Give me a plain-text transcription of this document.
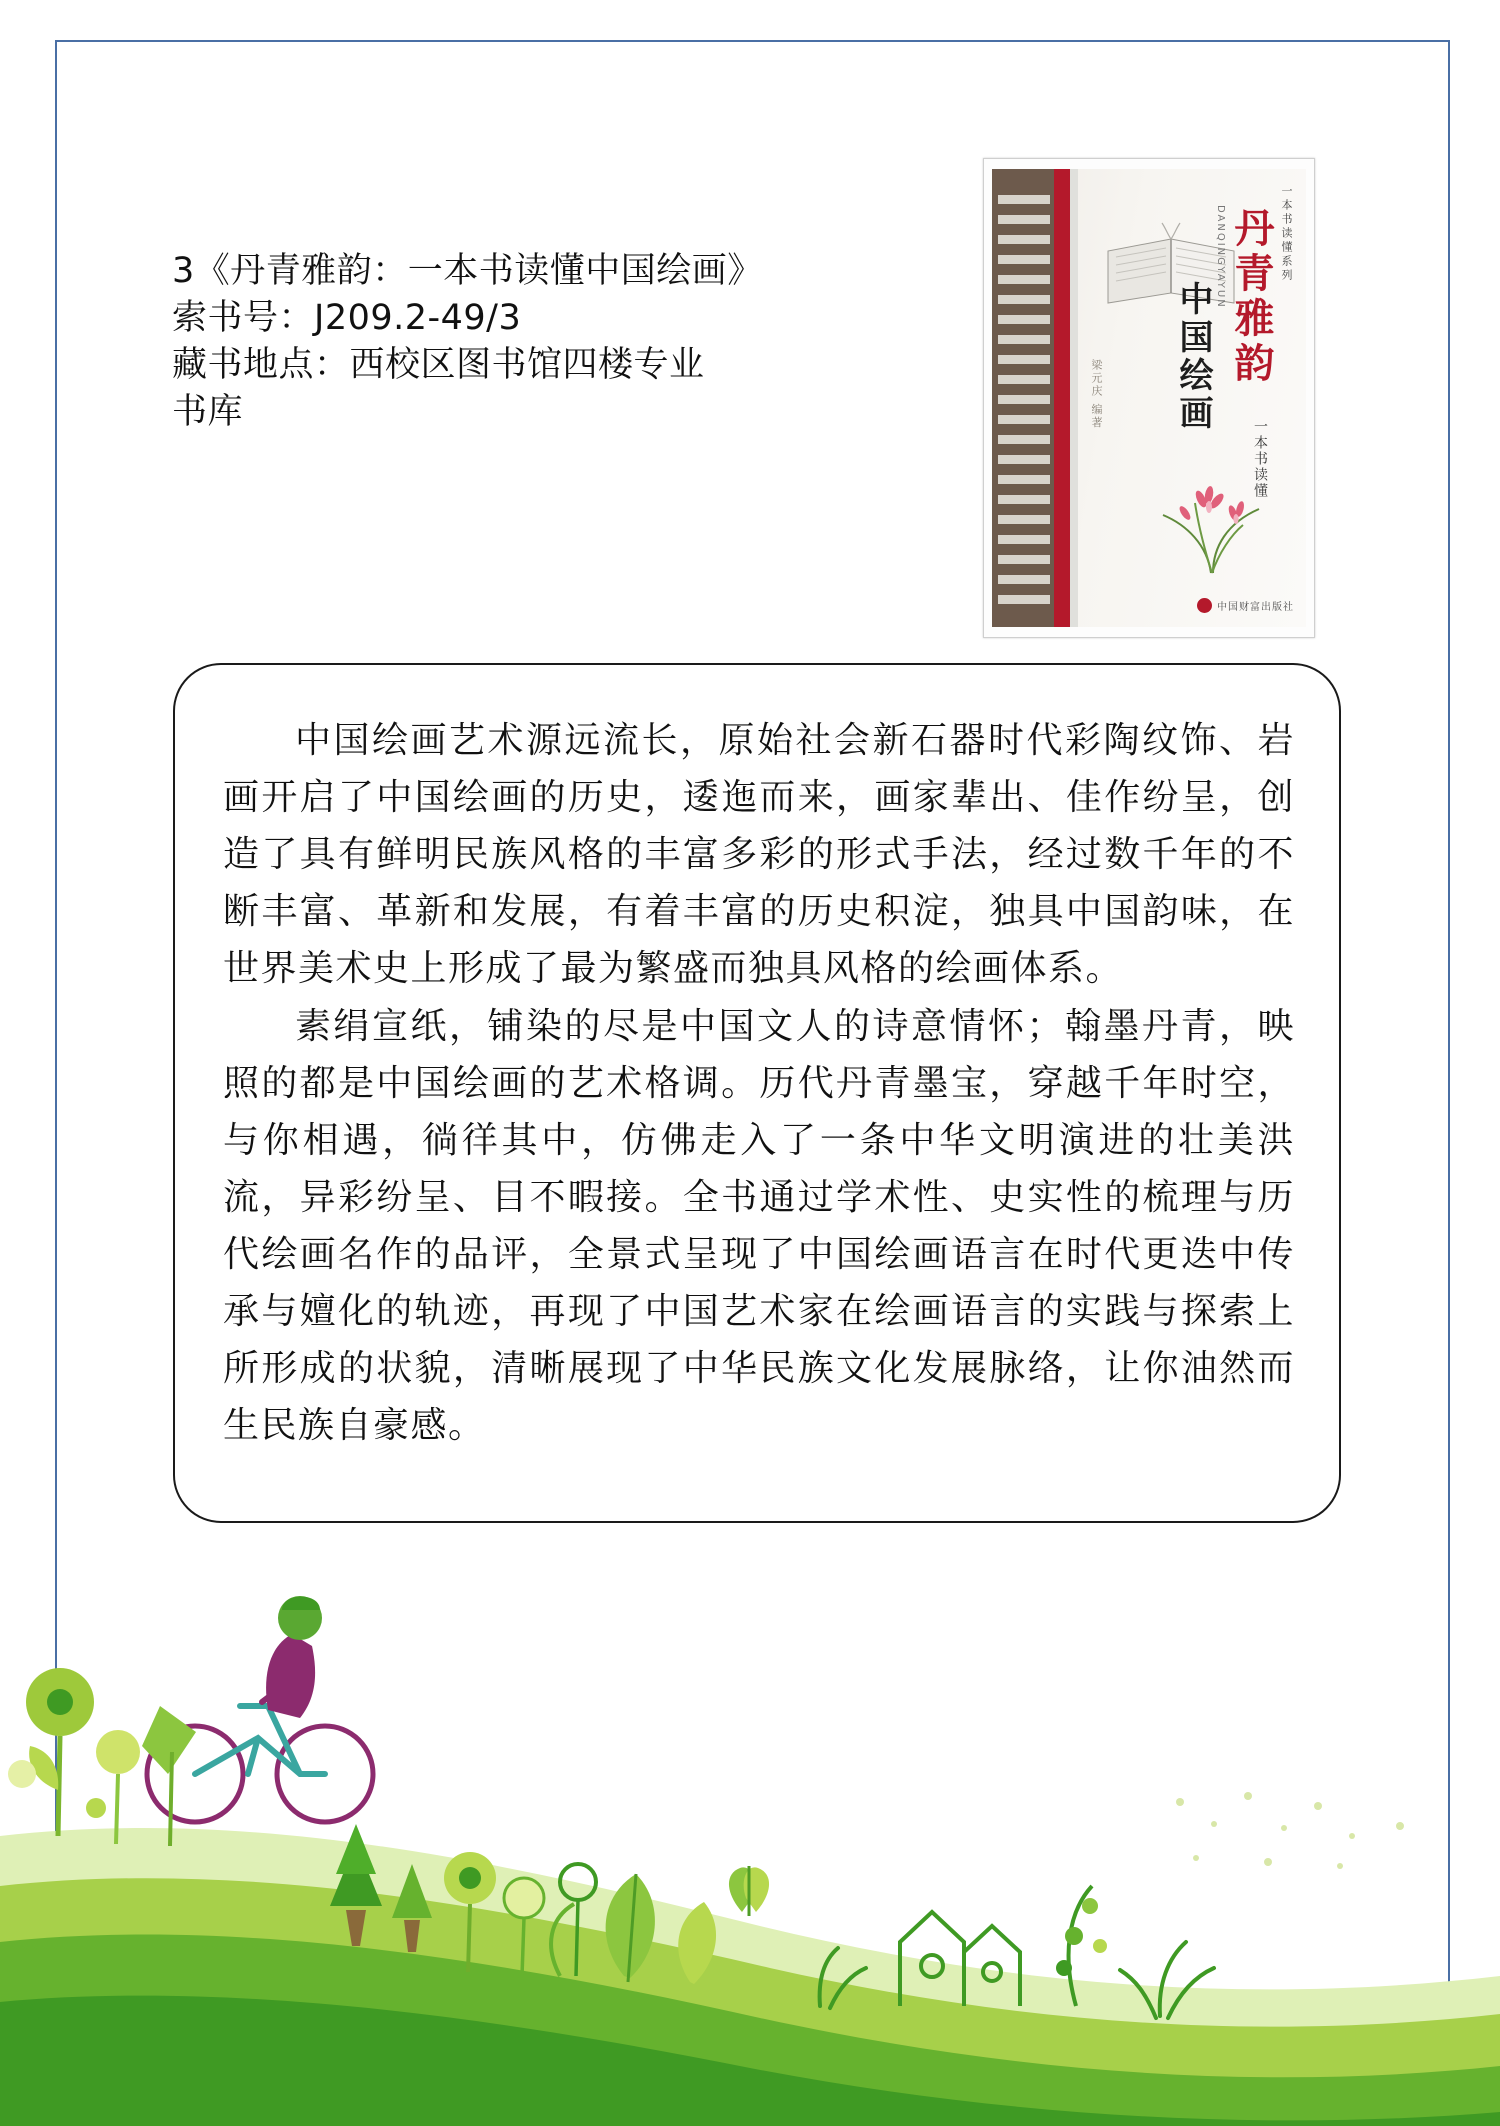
3《丹青雅韵：一本书读懂中国绘画》
索书号：J209.2-49/3
藏书地点：西校区图书馆四楼专业
书库
DANQINGYAYUN	一本书读懂系列
丹青雅韵
中国绘画
一本书读懂
梁元庆 编著
中国财富出版社

中国绘画艺术源远流长，原始社会新石器时代彩陶纹饰、岩画开启了中国绘画的历史，逶迤而来，画家辈出、佳作纷呈，创造了具有鲜明民族风格的丰富多彩的形式手法，经过数千年的不断丰富、革新和发展，有着丰富的历史积淀，独具中国韵味，在世界美术史上形成了最为繁盛而独具风格的绘画体系。

素绢宣纸，铺染的尽是中国文人的诗意情怀；翰墨丹青，映照的都是中国绘画的艺术格调。历代丹青墨宝，穿越千年时空，与你相遇，徜徉其中，仿佛走入了一条中华文明演进的壮美洪流，异彩纷呈、目不暇接。全书通过学术性、史实性的梳理与历代绘画名作的品评，全景式呈现了中国绘画语言在时代更迭中传承与嬗化的轨迹，再现了中国艺术家在绘画语言的实践与探索上所形成的状貌，清晰展现了中华民族文化发展脉络，让你油然而生民族自豪感。
